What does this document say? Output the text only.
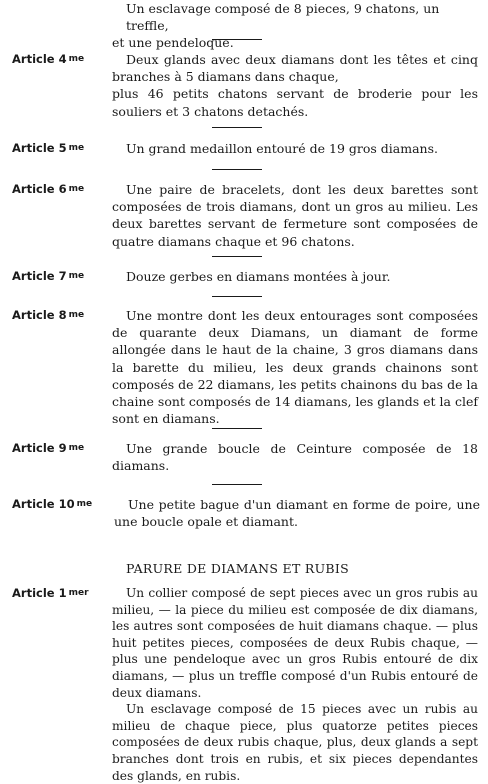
Un esclavage composé de 8 pieces, 9 chatons, un treffle,

et une pendeloque.

Article 4 $^{me}$	Deux glands avec deux diamans dont les têtes et cinq branches à 5 diamans dans chaque,

plus 46 petits chatons servant de broderie pour les souliers et 3 chatons detachés.

Article 5 $^{me}$	Un grand medaillon entouré de 19 gros diamans.

Article 6 $^{me}$	Une paire de bracelets, dont les deux barettes sont composées de trois diamans, dont un gros au milieu. Les deux barettes servant de fermeture sont composées de quatre diamans chaque et 96 chatons.

Article 7 $^{me}$	Douze gerbes en diamans montées à jour.

Article 8 $^{me}$	Une montre dont les deux entourages sont composées de quarante deux Diamans, un diamant de forme allongée dans le haut de la chaine, 3 gros diamans dans la barette du milieu, les deux grands chainons sont composés de 22 diamans, les petits chainons du bas de la chaine sont composés de 14 diamans, les glands et la clef sont en diamans.

Article 9 $^{me}$	Une grande boucle de Ceinture composée de 18 diamans.

Article 10 $^{me}$	Une petite bague d'un diamant en forme de poire, une une boucle opale et diamant.

PARURE DE DIAMANS ET RUBIS
Article 1 $^{mer}$	Un collier composé de sept pieces avec un gros rubis au milieu, — la piece du milieu est composée de dix diamans, les autres sont composées de huit diamans chaque. — plus huit petites pieces, composées de deux Rubis chaque, — plus une pendeloque avec un gros Rubis entouré de dix diamans, — plus un treffle composé d'un Rubis entouré de deux diamans.

Un esclavage composé de 15 pieces avec un rubis au milieu de chaque piece, plus quatorze petites pieces composées de deux rubis chaque, plus, deux glands a sept branches dont trois en rubis, et six pieces dependantes des glands, en rubis.
